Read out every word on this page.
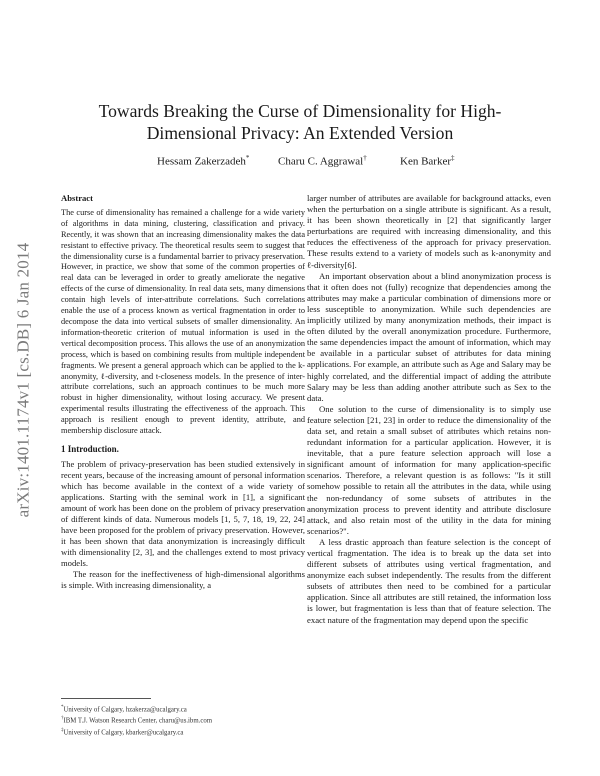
arXiv:1401.1174v1 [cs.DB] 6 Jan 2014
Towards Breaking the Curse of Dimensionality for High-Dimensional Privacy: An Extended Version
Hessam Zakerzadeh*	Charu C. Aggrawal†	Ken Barker‡
Abstract

The curse of dimensionality has remained a challenge for a wide variety of algorithms in data mining, clustering, classification and privacy. Recently, it was shown that an increasing dimensionality makes the data resistant to effective privacy. The theoretical results seem to suggest that the dimensionality curse is a fundamental barrier to privacy preservation. However, in practice, we show that some of the common properties of real data can be leveraged in order to greatly ameliorate the negative effects of the curse of dimensionality. In real data sets, many dimensions contain high levels of inter-attribute correlations. Such correlations enable the use of a process known as vertical fragmentation in order to decompose the data into vertical subsets of smaller dimensionality. An information-theoretic criterion of mutual information is used in the vertical decomposition process. This allows the use of an anonymization process, which is based on combining results from multiple independent fragments. We present a general approach which can be applied to the k-anonymity, ℓ-diversity, and t-closeness models. In the presence of inter-attribute correlations, such an approach continues to be much more robust in higher dimensionality, without losing accuracy. We present experimental results illustrating the effectiveness of the approach. This approach is resilient enough to prevent identity, attribute, and membership disclosure attack.

1 Introduction.

The problem of privacy-preservation has been studied extensively in recent years, because of the increasing amount of personal information which has become available in the context of a wide variety of applications. Starting with the seminal work in [1], a significant amount of work has been done on the problem of privacy preservation of different kinds of data. Numerous models [1, 5, 7, 18, 19, 22, 24] have been proposed for the problem of privacy preservation. However, it has been shown that data anonymization is increasingly difficult with dimensionality [2, 3], and the challenges extend to most privacy models.

The reason for the ineffectiveness of high-dimensional algorithms is simple. With increasing dimensionality, a

*University of Calgary, hzakerza@ucalgary.ca
†IBM T.J. Watson Research Center, charu@us.ibm.com
‡University of Calgary, kbarker@ucalgary.ca

larger number of attributes are available for background attacks, even when the perturbation on a single attribute is significant. As a result, it has been shown theoretically in [2] that significantly larger perturbations are required with increasing dimensionality, and this reduces the effectiveness of the approach for privacy preservation. These results extend to a variety of models such as k-anonymity and ℓ-diversity[6].

An important observation about a blind anonymization process is that it often does not (fully) recognize that dependencies among the attributes may make a particular combination of dimensions more or less susceptible to anonymization. While such dependencies are implicitly utilized by many anonymization methods, their impact is often diluted by the overall anonymization procedure. Furthermore, the same dependencies impact the amount of information, which may be available in a particular subset of attributes for data mining applications. For example, an attribute such as Age and Salary may be highly correlated, and the differential impact of adding the attribute Salary may be less than adding another attribute such as Sex to the data.

One solution to the curse of dimensionality is to simply use feature selection [21, 23] in order to reduce the dimensionality of the data set, and retain a small subset of attributes which retains non-redundant information for a particular application. However, it is inevitable, that a pure feature selection approach will lose a significant amount of information for many application-specific scenarios. Therefore, a relevant question is as follows: "Is it still somehow possible to retain all the attributes in the data, while using the non-redundancy of some subsets of attributes in the anonymization process to prevent identity and attribute disclosure attack, and also retain most of the utility in the data for mining scenarios?".

A less drastic approach than feature selection is the concept of vertical fragmentation. The idea is to break up the data set into different subsets of attributes using vertical fragmentation, and anonymize each subset independently. The results from the different subsets of attributes then need to be combined for a particular application. Since all attributes are still retained, the information loss is lower, but fragmentation is less than that of feature selection. The exact nature of the fragmentation may depend upon the specific
